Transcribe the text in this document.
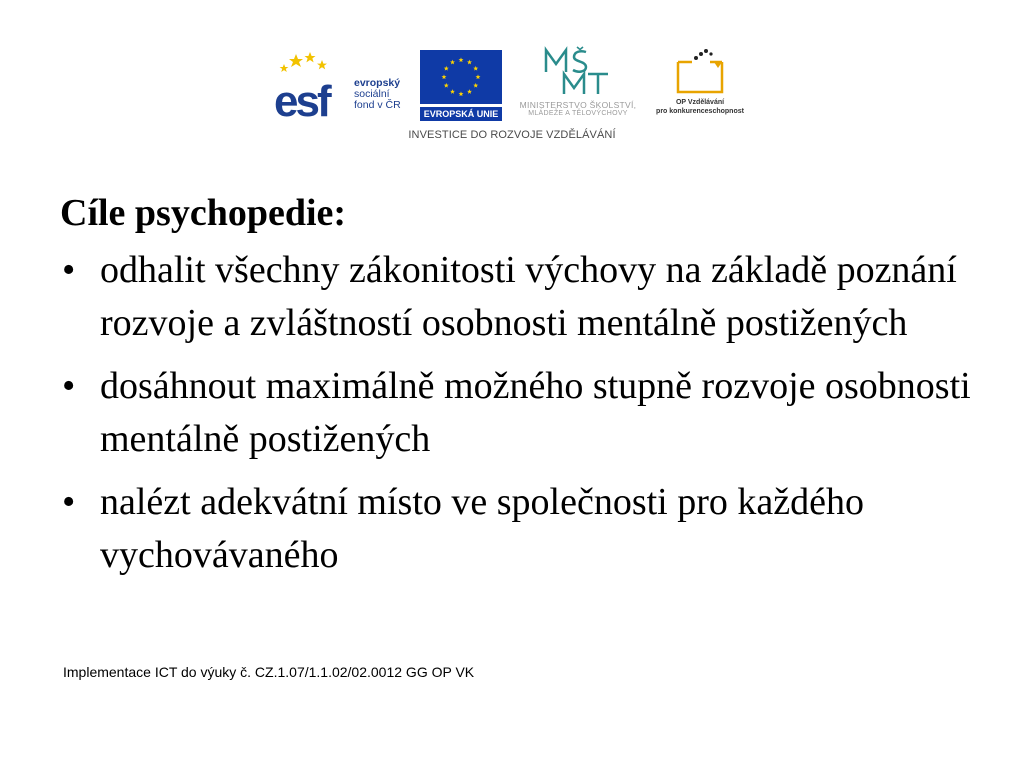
esf	evropský
sociální
fond v ČR
EVROPSKÁ UNIE
MINISTERSTVO ŠKOLSTVÍ,
MLÁDEŽE A TĚLOVÝCHOVY
OP Vzdělávání
pro konkurenceschopnost
INVESTICE DO ROZVOJE VZDĚLÁVÁNÍ
Cíle psychopedie:
• odhalit všechny zákonitosti výchovy na základě poznání rozvoje a zvláštností osobnosti mentálně postižených
• dosáhnout maximálně možného stupně rozvoje osobnosti mentálně postižených
• nalézt adekvátní místo ve společnosti pro každého vychovávaného
Implementace ICT do výuky č. CZ.1.07/1.1.02/02.0012 GG OP VK
